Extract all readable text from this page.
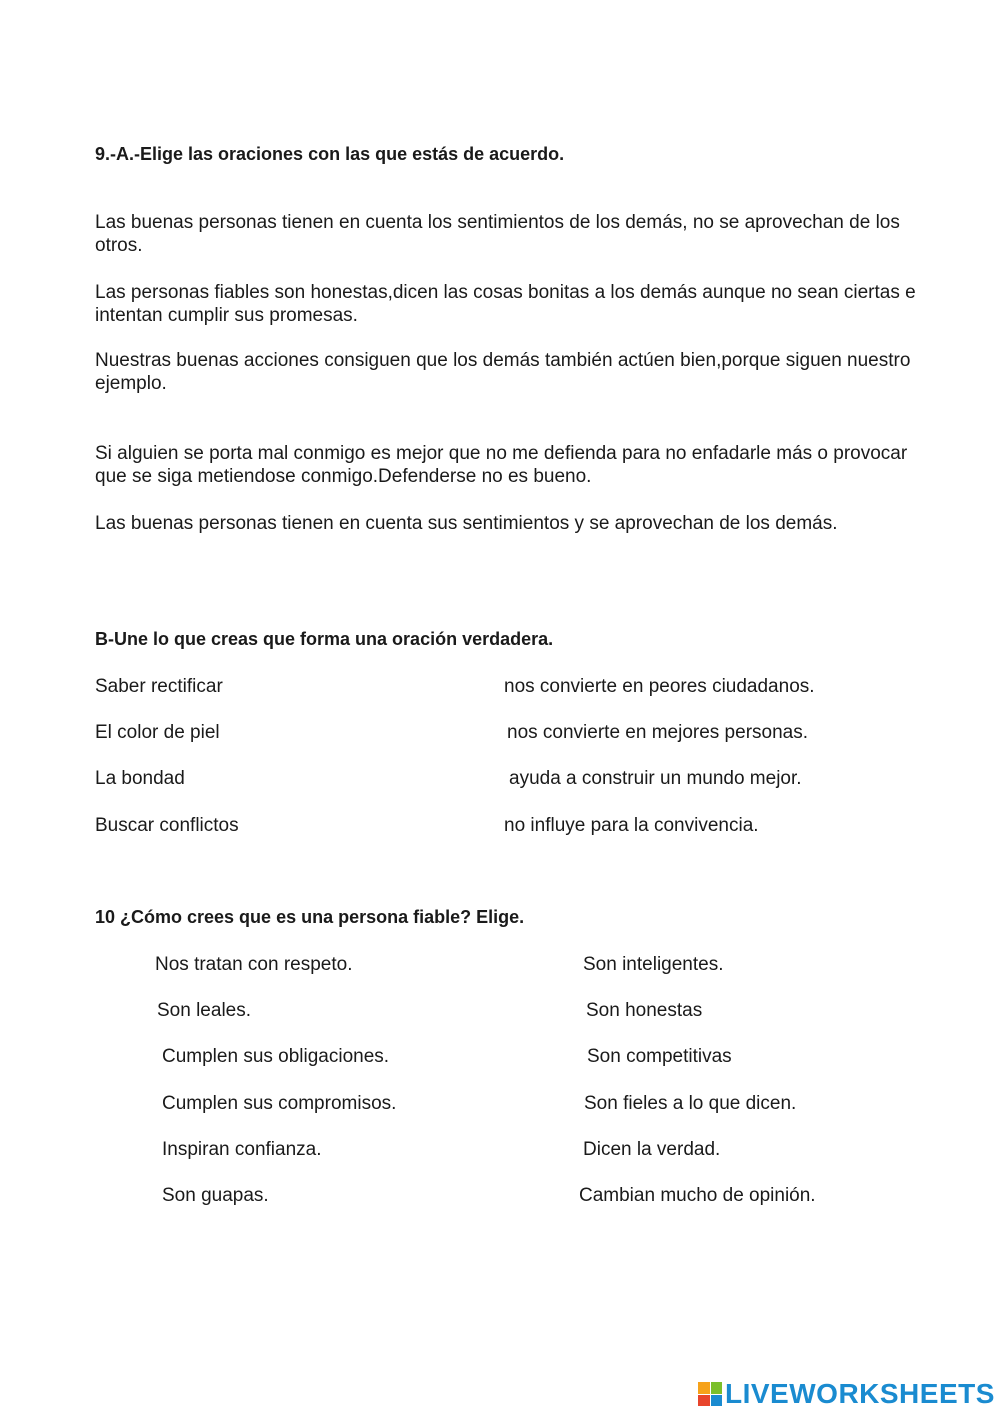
9.-A.-Elige las oraciones con las que estás de acuerdo.
Las buenas personas tienen en cuenta los sentimientos de los demás, no se aprovechan de los otros.
Las personas fiables son honestas,dicen las cosas bonitas a los demás aunque no sean ciertas e intentan cumplir sus promesas.
Nuestras buenas acciones consiguen que los demás también actúen bien,porque siguen nuestro ejemplo.
Si alguien se porta mal conmigo es mejor que no me defienda para no enfadarle más o provocar que se siga metiendose conmigo.Defenderse no es bueno.
Las buenas personas tienen en cuenta sus sentimientos y se aprovechan de los demás.
B-Une lo que creas que forma una oración verdadera.
Saber rectificar
El color de piel
La bondad
Buscar conflictos
nos convierte en peores ciudadanos.
nos convierte en mejores personas.
ayuda a construir un mundo mejor.
no influye para la convivencia.
10 ¿Cómo crees que es una persona fiable? Elige.
Nos tratan con respeto.
Son leales.
Cumplen sus obligaciones.
Cumplen sus compromisos.
Inspiran confianza.
Son guapas.
Son inteligentes.
Son honestas
Son competitivas
Son fieles a lo que dicen.
Dicen la verdad.
Cambian mucho de opinión.
LIVEWORKSHEETS
